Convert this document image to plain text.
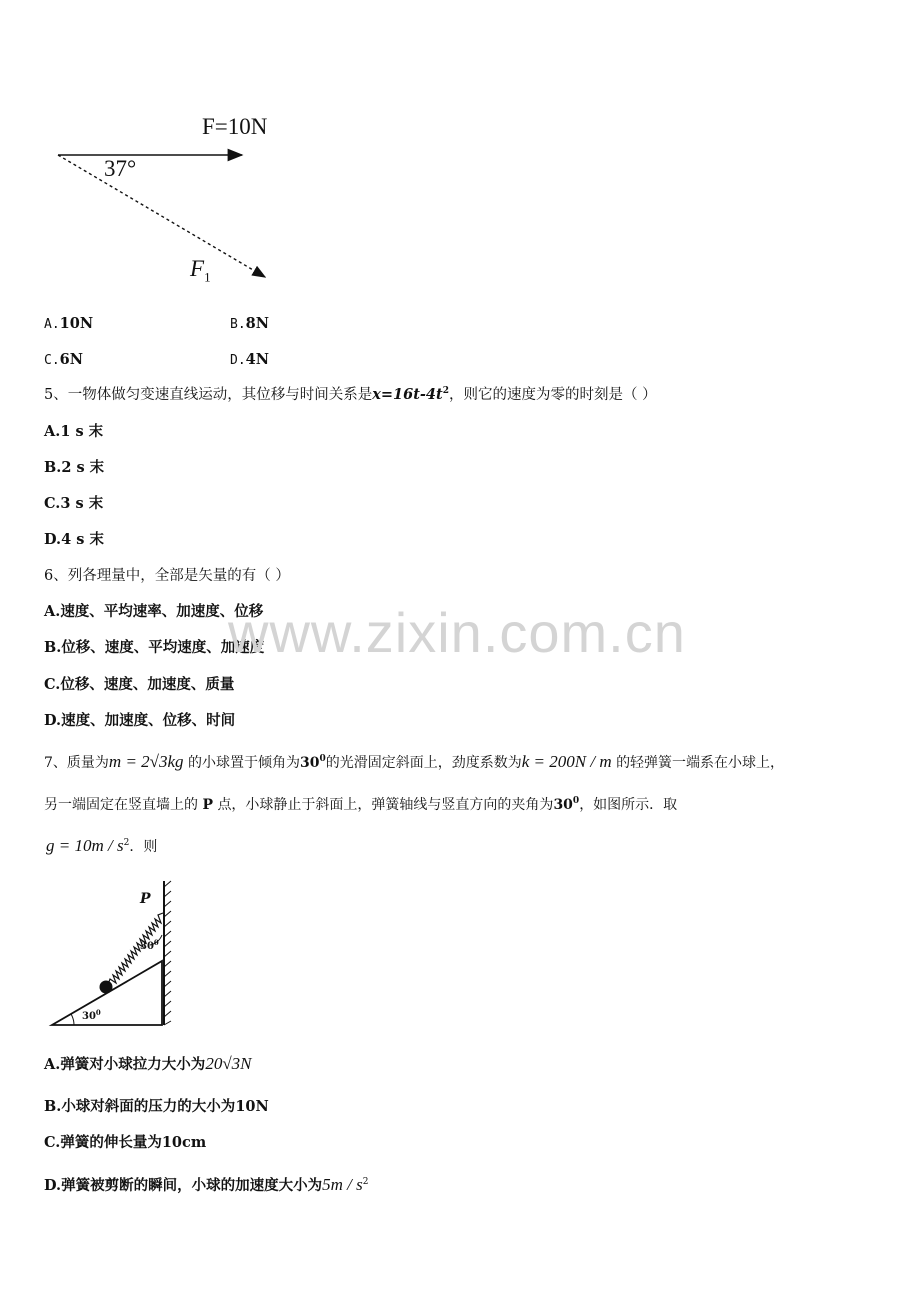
F=10N
37°
$F_1$
A.10N	B.8N
C.6N	D.4N
5、一物体做匀变速直线运动，其位移与时间关系是$x=16t-4t^2$，则它的速度为零的时刻是（ ）
A.1 s 末
B.2 s 末
C.3 s 末
D.4 s 末
6、列各理量中，全部是矢量的有（ ）
A.速度、平均速率、加速度、位移
B.位移、速度、平均速度、加速度
C.位移、速度、加速度、质量
D.速度、加速度、位移、时间
7、质量为m = 2√3kg 的小球置于倾角为$30^0$的光滑固定斜面上，劲度系数为k = 200N / m 的轻弹簧一端系在小球上，
另一端固定在竖直墙上的 P 点，小球静止于斜面上，弹簧轴线与竖直方向的夹角为$30^0$，如图所示．取
$g = 10m / s^2$．则
P
$30^0$
$30^0$
A.弹簧对小球拉力大小为20√3N
B.小球对斜面的压力的大小为10N
C.弹簧的伸长量为10cm
D.弹簧被剪断的瞬间，小球的加速度大小为$5m / s^2$
www.zixin.com.cn
